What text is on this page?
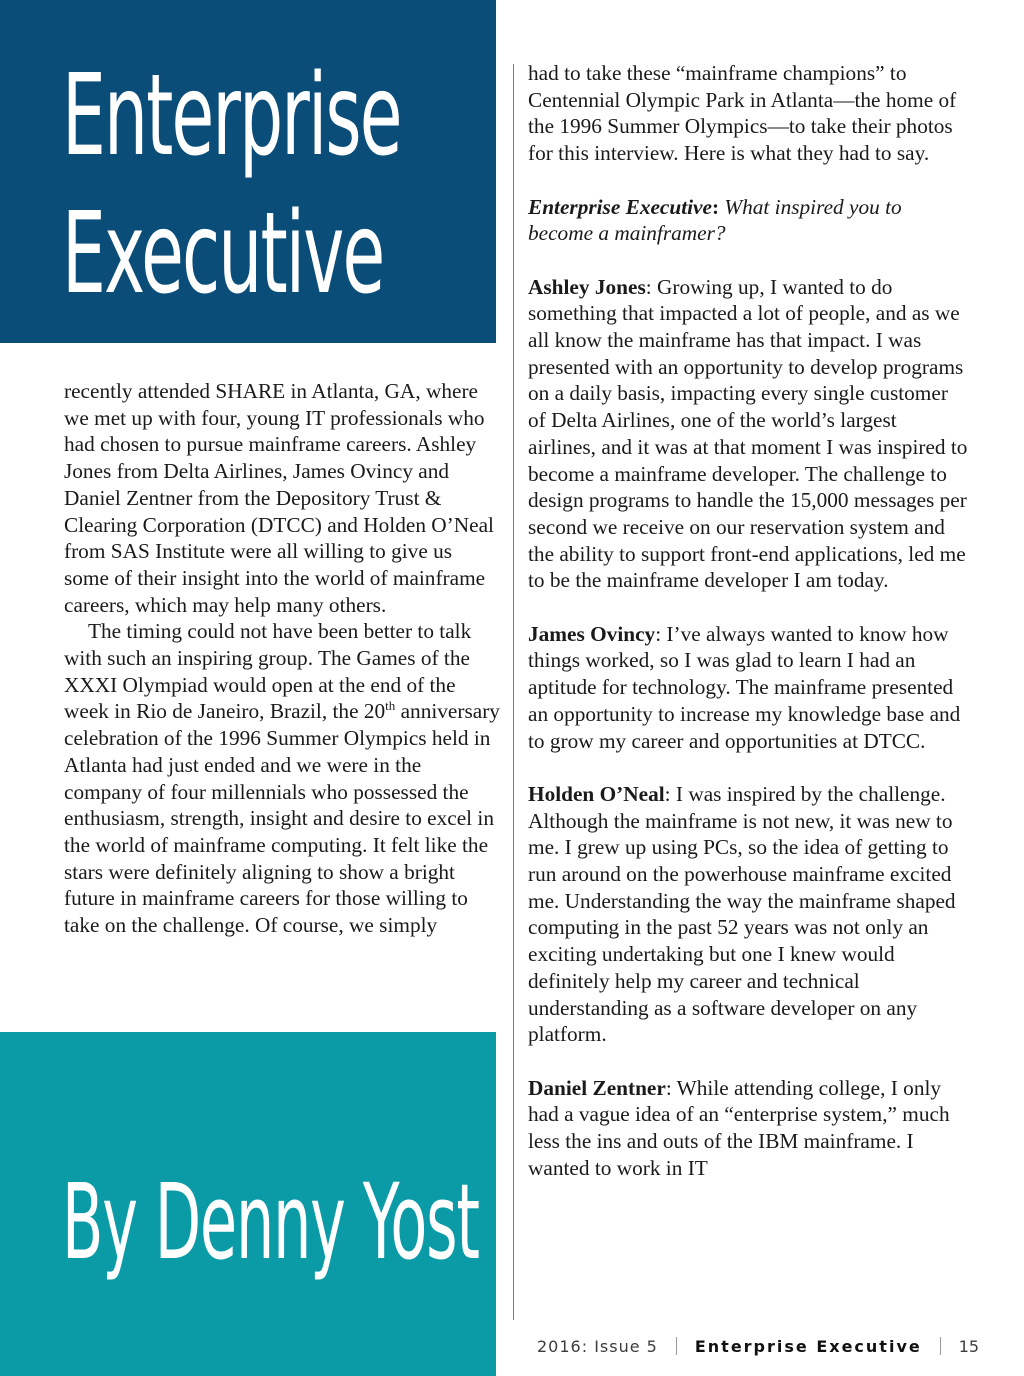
Enterprise
Executive

recently attended SHARE in Atlanta, GA, where we met up with four, young IT professionals who had chosen to pursue mainframe careers. Ashley Jones from Delta Airlines, James Ovincy and Daniel Zentner from the Depository Trust & Clearing Corporation (DTCC) and Holden O’Neal from SAS Institute were all willing to give us some of their insight into the world of mainframe careers, which may help many others.

The timing could not have been better to talk with such an inspiring group. The Games of the XXXI Olympiad would open at the end of the week in Rio de Janeiro, Brazil, the 20th anniversary celebration of the 1996 Summer Olympics held in Atlanta had just ended and we were in the company of four millennials who possessed the enthusiasm, strength, insight and desire to excel in the world of mainframe computing. It felt like the stars were definitely aligning to show a bright future in mainframe careers for those willing to take on the challenge. Of course, we simply

By Denny Yost

had to take these “mainframe champions” to Centennial Olympic Park in Atlanta—the home of the 1996 Summer Olympics—to take their photos for this interview. Here is what they had to say.

Enterprise Executive: What inspired you to become a mainframer?

Ashley Jones: Growing up, I wanted to do something that impacted a lot of people, and as we all know the mainframe has that impact. I was presented with an opportunity to develop programs on a daily basis, impacting every single customer of Delta Airlines, one of the world’s largest airlines, and it was at that moment I was inspired to become a mainframe developer. The challenge to design programs to handle the 15,000 messages per second we receive on our reservation system and the ability to support front-end applications, led me to be the mainframe developer I am today.

James Ovincy: I’ve always wanted to know how things worked, so I was glad to learn I had an aptitude for technology. The mainframe presented an opportunity to increase my knowledge base and to grow my career and opportunities at DTCC.

Holden O’Neal: I was inspired by the challenge. Although the mainframe is not new, it was new to me. I grew up using PCs, so the idea of getting to run around on the powerhouse mainframe excited me. Understanding the way the mainframe shaped computing in the past 52 years was not only an exciting undertaking but one I knew would definitely help my career and technical understanding as a software developer on any platform.

Daniel Zentner: While attending college, I only had a vague idea of an “enterprise system,” much less the ins and outs of the IBM mainframe. I wanted to work in IT

2016: Issue 5 Enterprise Executive 15
